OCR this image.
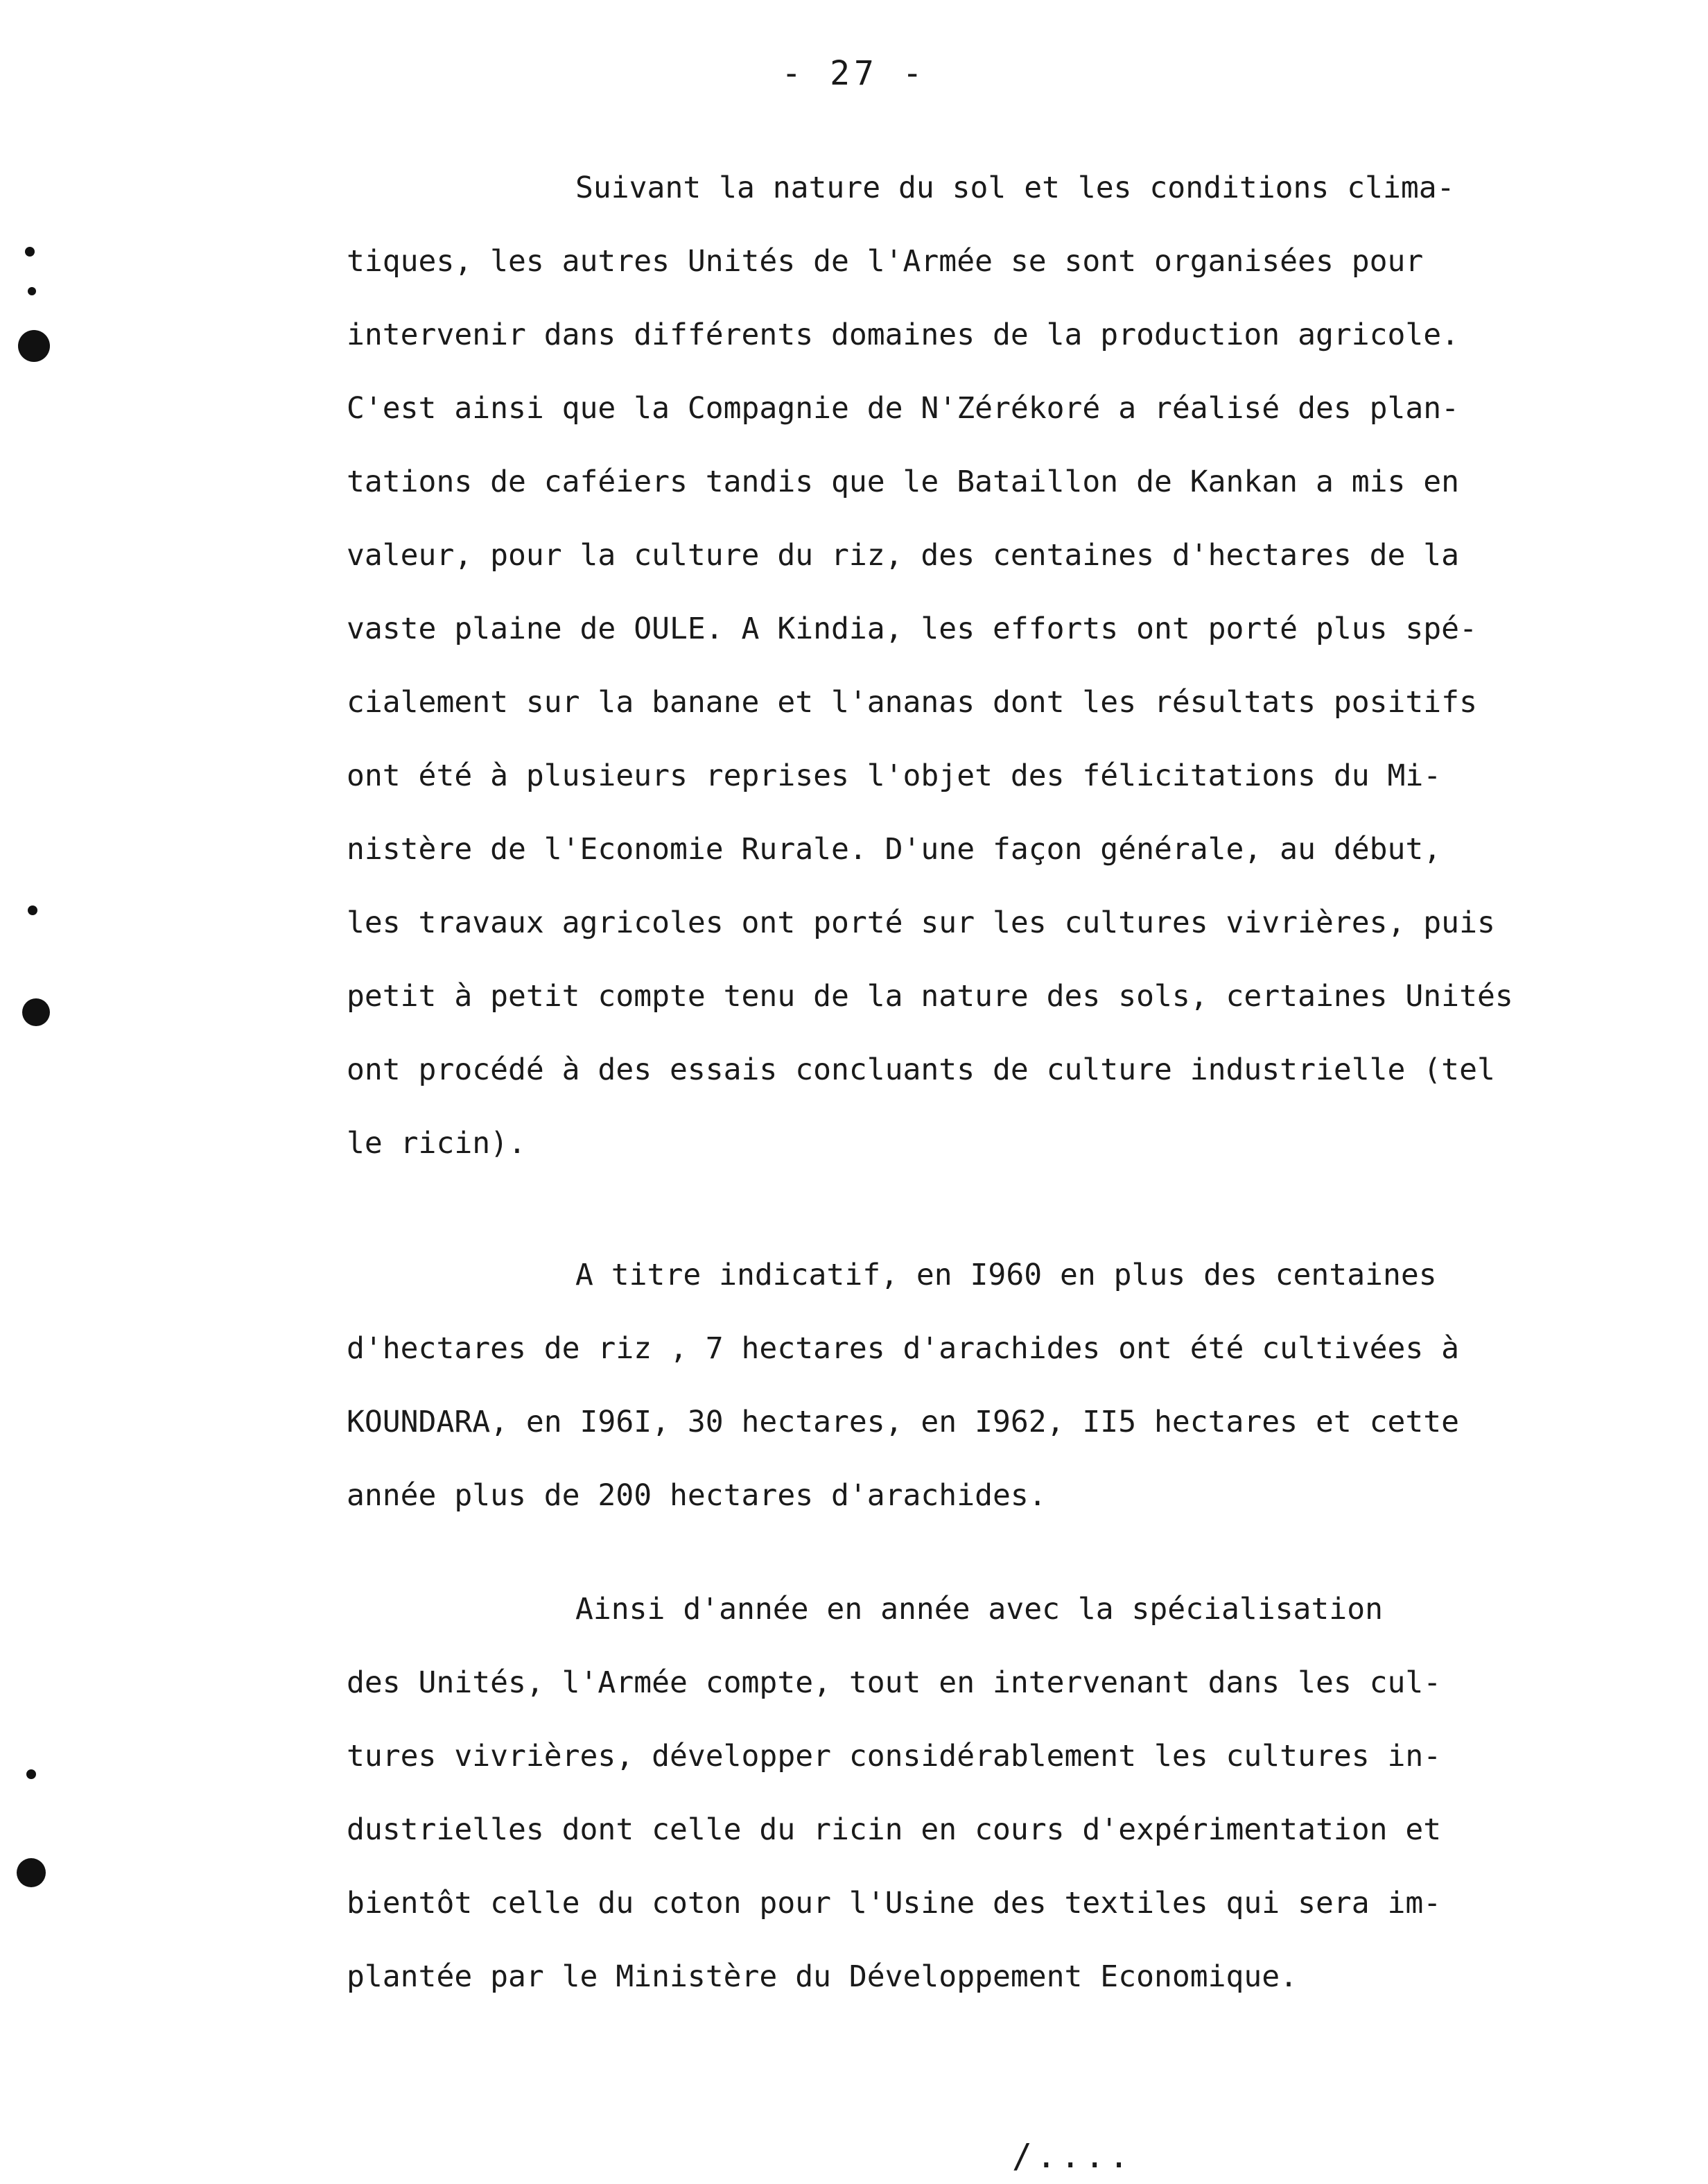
- 27 -
Suivant la nature du sol et les conditions clima-
tiques, les autres Unités de l'Armée se sont organisées pour
intervenir dans différents domaines de la production agricole.
C'est ainsi que la Compagnie de N'Zérékoré a réalisé des plan-
tations de caféiers tandis que le Bataillon de Kankan a mis en
valeur, pour la culture du riz, des centaines d'hectares de la
vaste plaine de OULE. A Kindia, les efforts ont porté plus spé-
cialement sur la banane et l'ananas dont les résultats positifs
ont été à plusieurs reprises l'objet des félicitations du Mi-
nistère de l'Economie Rurale. D'une façon générale, au début,
les travaux agricoles ont porté sur les cultures vivrières, puis
petit à petit compte tenu de la nature des sols, certaines Unités
ont procédé à des essais concluants de culture industrielle (tel
le ricin).
A titre indicatif, en I960 en plus des centaines
d'hectares de riz , 7 hectares d'arachides ont été cultivées à
KOUNDARA, en I96I, 30 hectares, en I962, II5 hectares et cette
année plus de 200 hectares d'arachides.
Ainsi d'année en année avec la spécialisation
des Unités, l'Armée compte, tout en intervenant dans les cul-
tures vivrières, développer considérablement les cultures in-
dustrielles dont celle du ricin en cours d'expérimentation et
bientôt celle du coton pour l'Usine des textiles qui sera im-
plantée par le Ministère du Développement Economique.
/....
